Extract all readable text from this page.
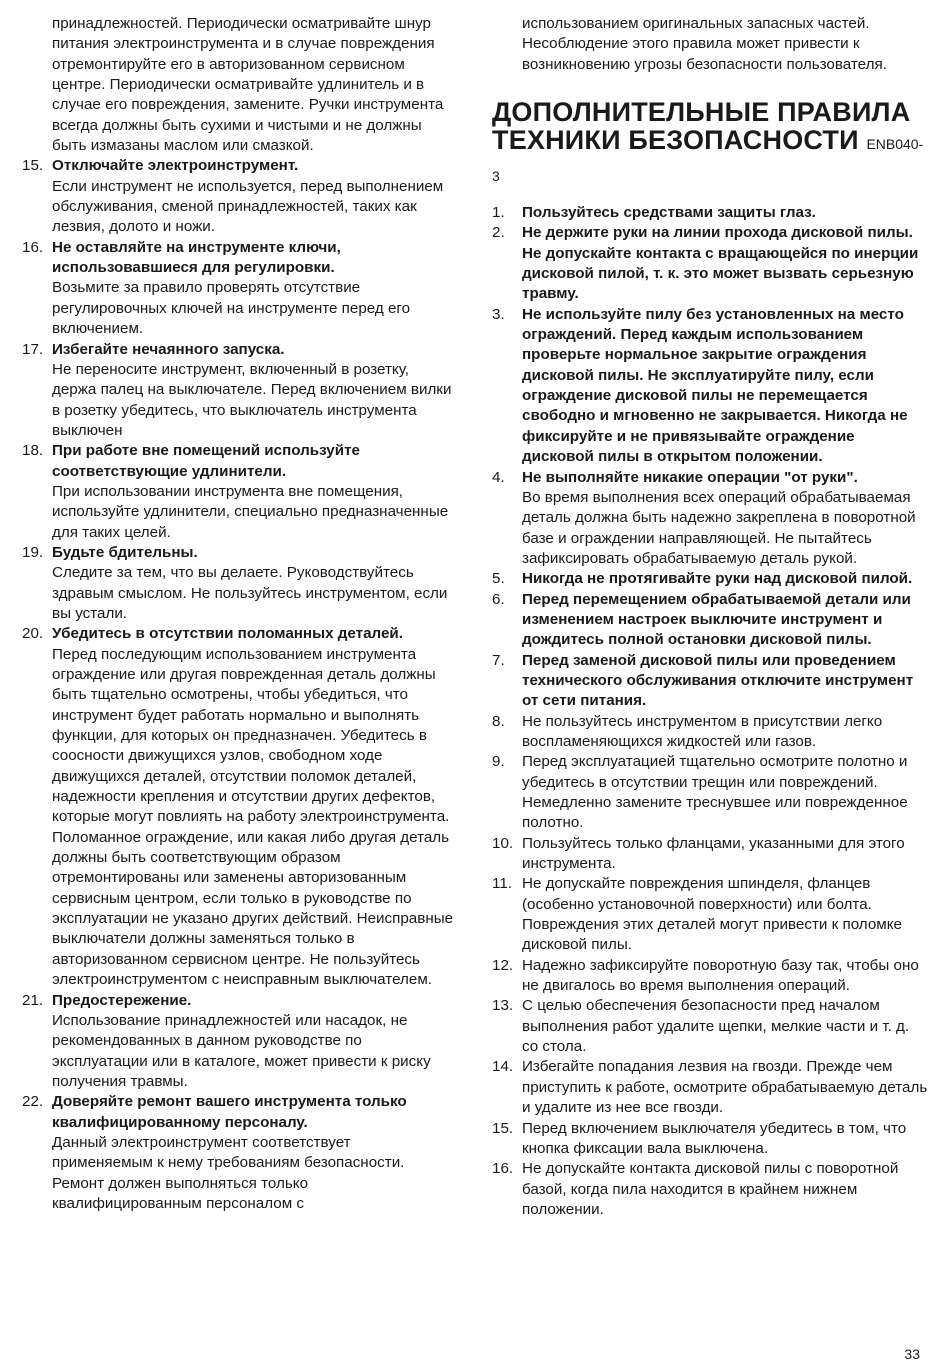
принадлежностей. Периодически осматривайте шнур питания электроинструмента и в случае повреждения отремонтируйте его в авторизованном сервисном центре. Периодически осматривайте удлинитель и в случае его повреждения, замените. Ручки инструмента всегда должны быть сухими и чистыми и не должны быть измазаны маслом или смазкой.

15. Отключайте электроинструмент.
Если инструмент не используется, перед выполнением обслуживания, сменой принадлежностей, таких как лезвия, долото и ножи.
16. Не оставляйте на инструменте ключи, использовавшиеся для регулировки.
Возьмите за правило проверять отсутствие регулировочных ключей на инструменте перед его включением.
17. Избегайте нечаянного запуска.
Не переносите инструмент, включенный в розетку, держа палец на выключателе. Перед включением вилки в розетку убедитесь, что выключатель инструмента выключен
18. При работе вне помещений используйте соответствующие удлинители.
При использовании инструмента вне помещения, используйте удлинители, специально предназначенные для таких целей.
19. Будьте бдительны.
Следите за тем, что вы делаете. Руководствуйтесь здравым смыслом. Не пользуйтесь инструментом, если вы устали.
20. Убедитесь в отсутствии поломанных деталей.
Перед последующим использованием инструмента ограждение или другая поврежденная деталь должны быть тщательно осмотрены, чтобы убедиться, что инструмент будет работать нормально и выполнять функции, для которых он предназначен. Убедитесь в соосности движущихся узлов, свободном ходе движущихся деталей, отсутствии поломок деталей, надежности крепления и отсутствии других дефектов, которые могут повлиять на работу электроинструмента. Поломанное ограждение, или какая либо другая деталь должны быть соответствующим образом отремонтированы или заменены авторизованным сервисным центром, если только в руководстве по эксплуатации не указано других действий. Неисправные выключатели должны заменяться только в авторизованном сервисном центре. Не пользуйтесь электроинструментом с неисправным выключателем.
21. Предостережение.
Использование принадлежностей или насадок, не рекомендованных в данном руководстве по эксплуатации или в каталоге, может привести к риску получения травмы.
22. Доверяйте ремонт вашего инструмента только квалифицированному персоналу.
Данный электроинструмент соответствует применяемым к нему требованиям безопасности. Ремонт должен выполняться только квалифицированным персоналом с

использованием оригинальных запасных частей. Несоблюдение этого правила может привести к возникновению угрозы безопасности пользователя.

ДОПОЛНИТЕЛЬНЫЕ ПРАВИЛА
ТЕХНИКИ БЕЗОПАСНОСТИ ENB040-3
1.	Пользуйтесь средствами защиты глаз.
2.	Не держите руки на линии прохода дисковой пилы. Не допускайте контакта с вращающейся по инерции дисковой пилой, т. к. это может вызвать серьезную травму.
3.	Не используйте пилу без установленных на место ограждений. Перед каждым использованием проверьте нормальное закрытие ограждения дисковой пилы. Не эксплуатируйте пилу, если ограждение дисковой пилы не перемещается свободно и мгновенно не закрывается. Никогда не фиксируйте и не привязывайте ограждение дисковой пилы в открытом положении.
4.	Не выполняйте никакие операции "от руки".
Во время выполнения всех операций обрабатываемая деталь должна быть надежно закреплена в поворотной базе и ограждении направляющей. Не пытайтесь зафиксировать обрабатываемую деталь рукой.
5.	Никогда не протягивайте руки над дисковой пилой.
6.	Перед перемещением обрабатываемой детали или изменением настроек выключите инструмент и дождитесь полной остановки дисковой пилы.
7.	Перед заменой дисковой пилы или проведением технического обслуживания отключите инструмент от сети питания.
8.	Не пользуйтесь инструментом в присутствии легко воспламеняющихся жидкостей или газов.
9.	Перед эксплуатацией тщательно осмотрите полотно и убедитесь в отсутствии трещин или повреждений. Немедленно замените треснувшее или поврежденное полотно.
10. Пользуйтесь только фланцами, указанными для этого инструмента.
11. Не допускайте повреждения шпинделя, фланцев (особенно установочной поверхности) или болта. Повреждения этих деталей могут привести к поломке дисковой пилы.
12. Надежно зафиксируйте поворотную базу так, чтобы оно не двигалось во время выполнения операций.
13. С целью обеспечения безопасности пред началом выполнения работ удалите щепки, мелкие части и т. д. со стола.
14. Избегайте попадания лезвия на гвозди. Прежде чем приступить к работе, осмотрите обрабатываемую деталь и удалите из нее все гвозди.
15. Перед включением выключателя убедитесь в том, что кнопка фиксации вала выключена.
16. Не допускайте контакта дисковой пилы с поворотной базой, когда пила находится в крайнем нижнем положении.
33
